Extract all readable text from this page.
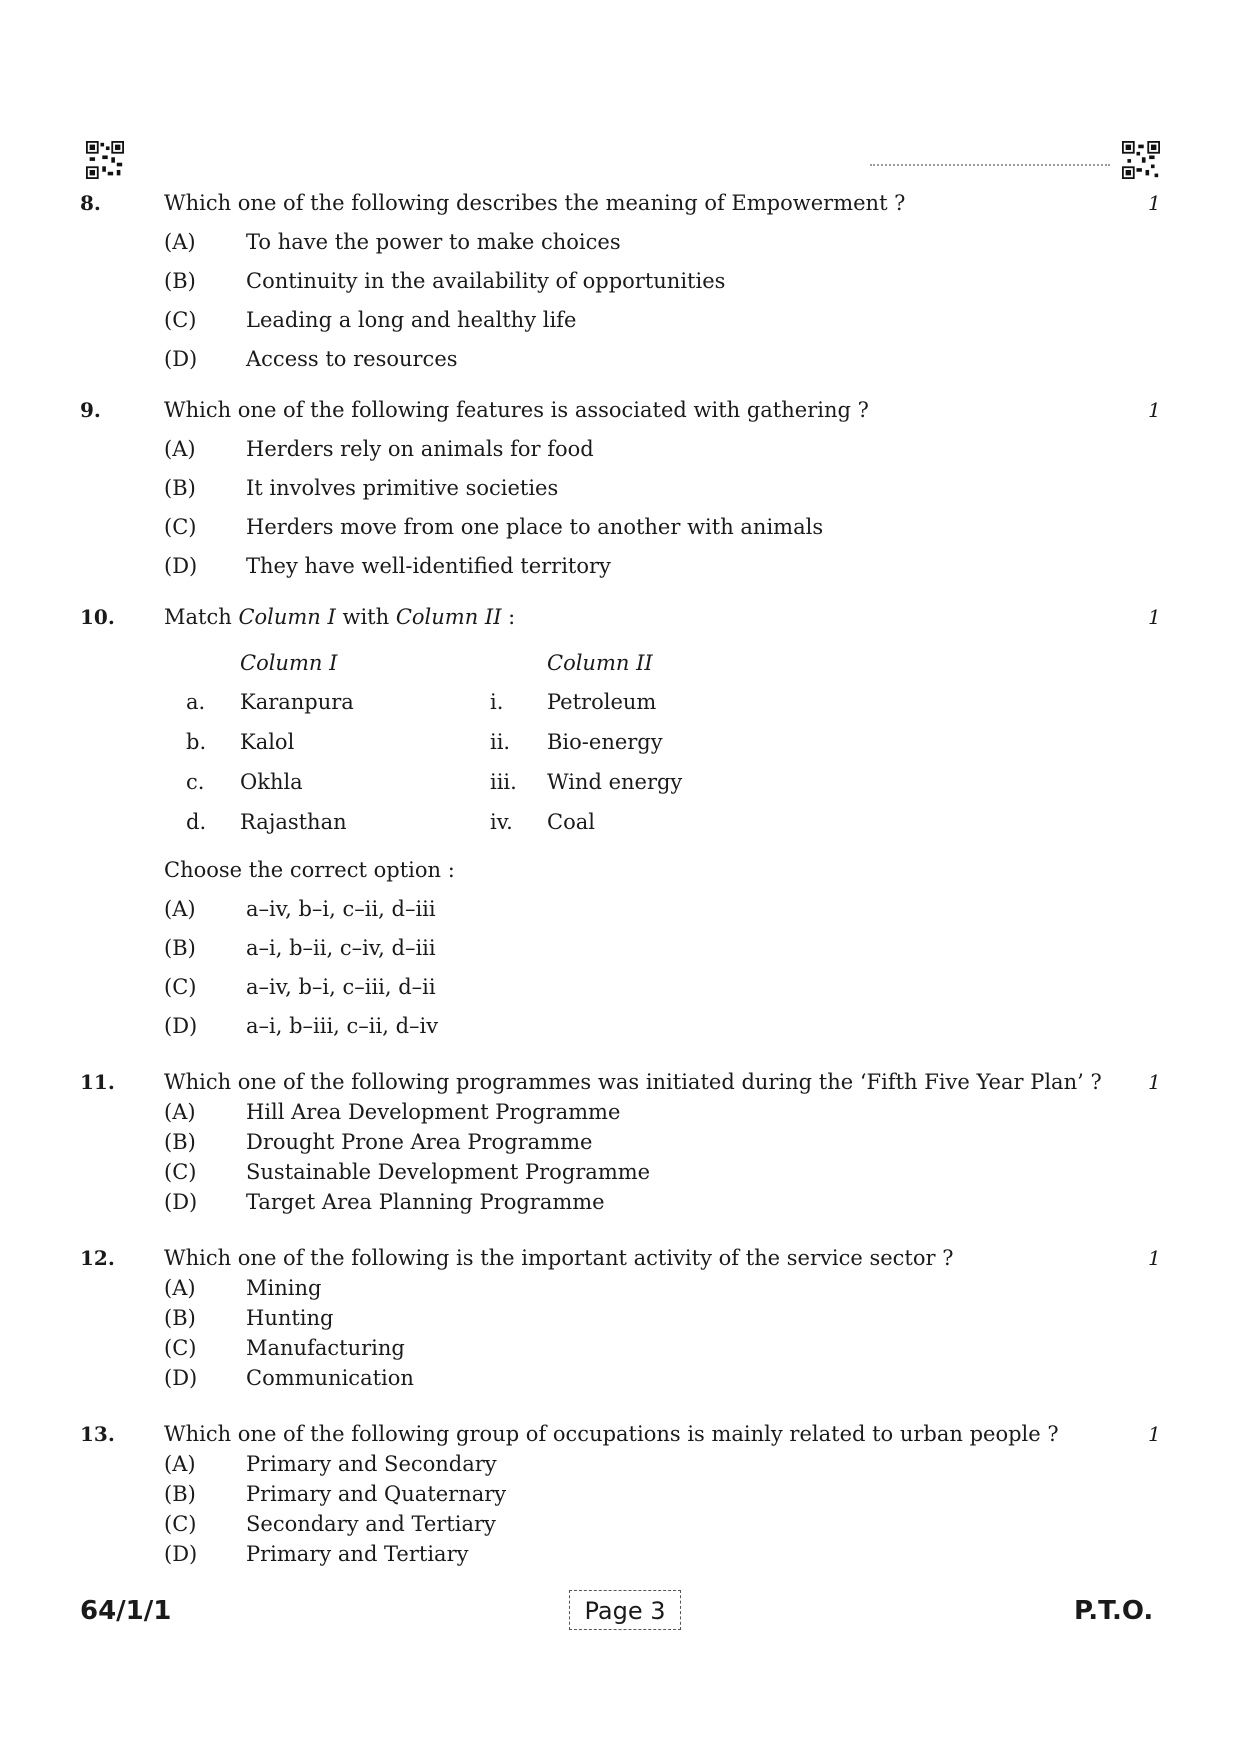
8.	Which one of the following describes the meaning of Empowerment ?	1
(A) To have the power to make choices
(B) Continuity in the availability of opportunities
(C) Leading a long and healthy life
(D) Access to resources
9.	Which one of the following features is associated with gathering ?	1
(A) Herders rely on animals for food
(B) It involves primitive societies
(C) Herders move from one place to another with animals
(D) They have well-identified territory
10. Match Column I with Column II :	1
Column I	Column II
a. Karanpura	i. Petroleum
b. Kalol	ii. Bio-energy
c. Okhla	iii. Wind energy
d. Rajasthan	iv. Coal
Choose the correct option :
(A) a–iv, b–i, c–ii, d–iii
(B) a–i, b–ii, c–iv, d–iii
(C) a–iv, b–i, c–iii, d–ii
(D) a–i, b–iii, c–ii, d–iv
11. Which one of the following programmes was initiated during the ‘Fifth Five Year Plan’ ? 1
(A) Hill Area Development Programme
(B) Drought Prone Area Programme
(C) Sustainable Development Programme
(D) Target Area Planning Programme
12. Which one of the following is the important activity of the service sector ?	1
(A) Mining
(B) Hunting
(C) Manufacturing
(D) Communication
13. Which one of the following group of occupations is mainly related to urban people ?	1
(A) Primary and Secondary
(B) Primary and Quaternary
(C) Secondary and Tertiary
(D) Primary and Tertiary
64/1/1	Page 3	P.T.O.
